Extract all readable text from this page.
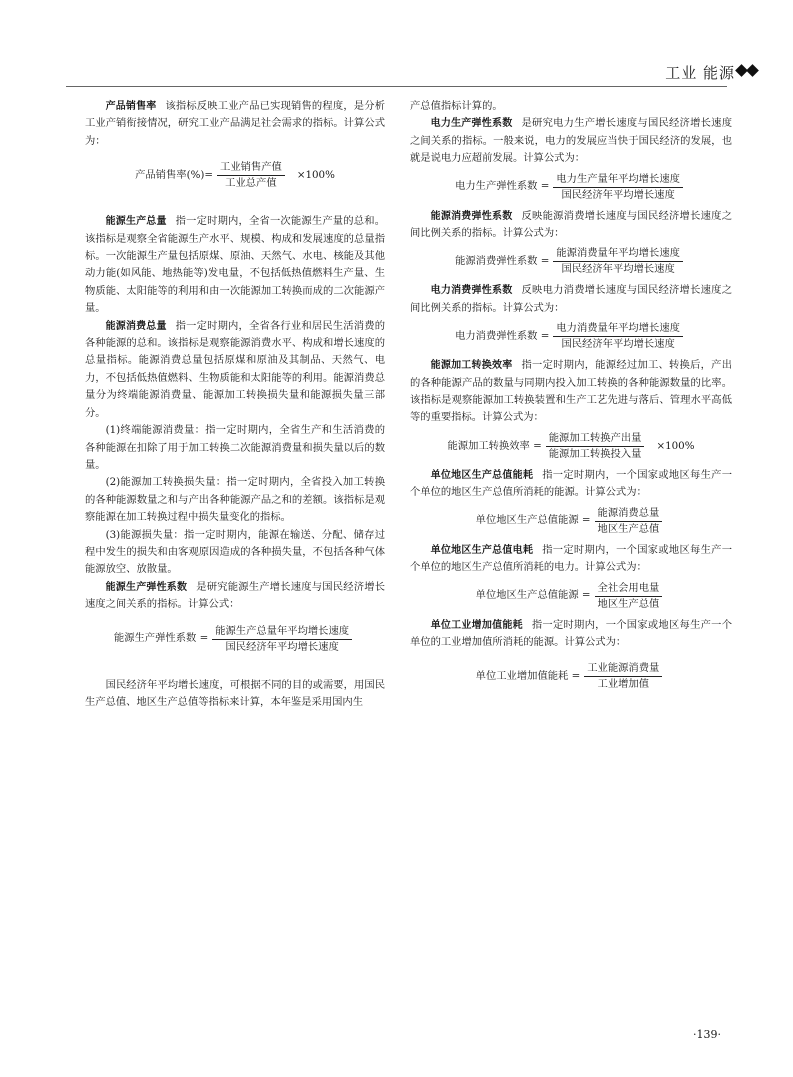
工业 能源

产品销售率 该指标反映工业产品已实现销售的程度，是分析工业产销衔接情况，研究工业产品满足社会需求的指标。计算公式为：

产品销售率(%)= $\frac{\text{工业销售产值}}{\text{工业总产值}} \times 100\%$

能源生产总量 指一定时期内，全省一次能源生产量的总和。该指标是观察全省能源生产水平、规模、构成和发展速度的总量指标。一次能源生产量包括原煤、原油、天然气、水电、核能及其他动力能(如风能、地热能等)发电量，不包括低热值燃料生产量、生物质能、太阳能等的利用和由一次能源加工转换而成的二次能源产量。

能源消费总量 指一定时期内，全省各行业和居民生活消费的各种能源的总和。该指标是观察能源消费水平、构成和增长速度的总量指标。能源消费总量包括原煤和原油及其制品、天然气、电力，不包括低热值燃料、生物质能和太阳能等的利用。能源消费总量分为终端能源消费量、能源加工转换损失量和能源损失量三部分。

(1)终端能源消费量：指一定时期内，全省生产和生活消费的各种能源在扣除了用于加工转换二次能源消费量和损失量以后的数量。

(2)能源加工转换损失量：指一定时期内，全省投入加工转换的各种能源数量之和与产出各种能源产品之和的差额。该指标是观察能源在加工转换过程中损失量变化的指标。

(3)能源损失量：指一定时期内，能源在输送、分配、储存过程中发生的损失和由客观原因造成的各种损失量，不包括各种气体能源放空、放散量。

能源生产弹性系数 是研究能源生产增长速度与国民经济增长速度之间关系的指标。计算公式：

能源生产弹性系数 = $\frac{\text{能源生产总量年平均增长速度}}{\text{国民经济年平均增长速度}}$

国民经济年平均增长速度，可根据不同的目的或需要，用国民生产总值、地区生产总值等指标来计算，本年鉴是采用国内生

产总值指标计算的。

电力生产弹性系数 是研究电力生产增长速度与国民经济增长速度之间关系的指标。一般来说，电力的发展应当快于国民经济的发展，也就是说电力应超前发展。计算公式为：

电力生产弹性系数 = $\frac{\text{电力生产量年平均增长速度}}{\text{国民经济年平均增长速度}}$

能源消费弹性系数 反映能源消费增长速度与国民经济增长速度之间比例关系的指标。计算公式为：

能源消费弹性系数 = $\frac{\text{能源消费量年平均增长速度}}{\text{国民经济年平均增长速度}}$

电力消费弹性系数 反映电力消费增长速度与国民经济增长速度之间比例关系的指标。计算公式为：

电力消费弹性系数 = $\frac{\text{电力消费量年平均增长速度}}{\text{国民经济年平均增长速度}}$

能源加工转换效率 指一定时期内，能源经过加工、转换后，产出的各种能源产品的数量与同期内投入加工转换的各种能源数量的比率。该指标是观察能源加工转换装置和生产工艺先进与落后、管理水平高低等的重要指标。计算公式为：

能源加工转换效率 = $\frac{\text{能源加工转换产出量}}{\text{能源加工转换投入量}} \times 100\%$

单位地区生产总值能耗 指一定时期内，一个国家或地区每生产一个单位的地区生产总值所消耗的能源。计算公式为：

单位地区生产总值能源 = $\frac{\text{能源消费总量}}{\text{地区生产总值}}$

单位地区生产总值电耗 指一定时期内，一个国家或地区每生产一个单位的地区生产总值所消耗的电力。计算公式为：

单位地区生产总值能源 = $\frac{\text{全社会用电量}}{\text{地区生产总值}}$

单位工业增加值能耗 指一定时期内，一个国家或地区每生产一个单位的工业增加值所消耗的能源。计算公式为：

单位工业增加值能耗 = $\frac{\text{工业能源消费量}}{\text{工业增加值}}$
·139·
